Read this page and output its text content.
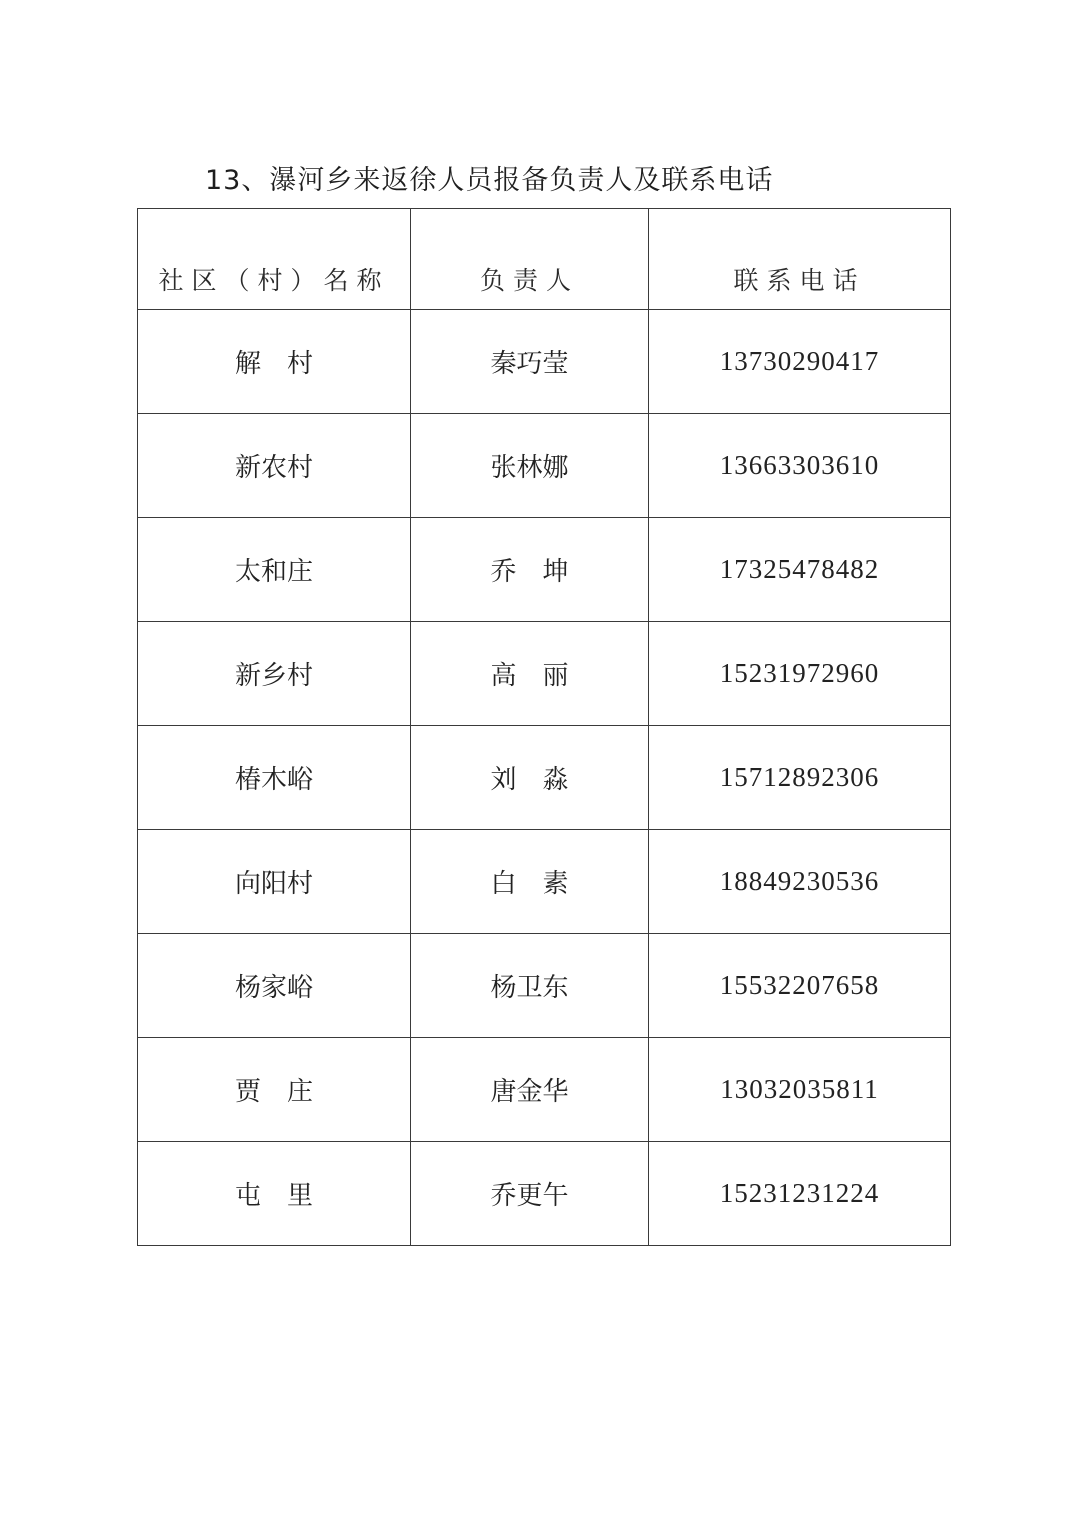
13、瀑河乡来返徐人员报备负责人及联系电话
社区（村）名称	负责人	联系电话
解　村	秦巧莹	13730290417
新农村	张林娜	13663303610
太和庄	乔　坤	17325478482
新乡村	高　丽	15231972960
椿木峪	刘　淼	15712892306
向阳村	白　素	18849230536
杨家峪	杨卫东	15532207658
贾　庄	唐金华	13032035811
屯　里	乔更午	15231231224
